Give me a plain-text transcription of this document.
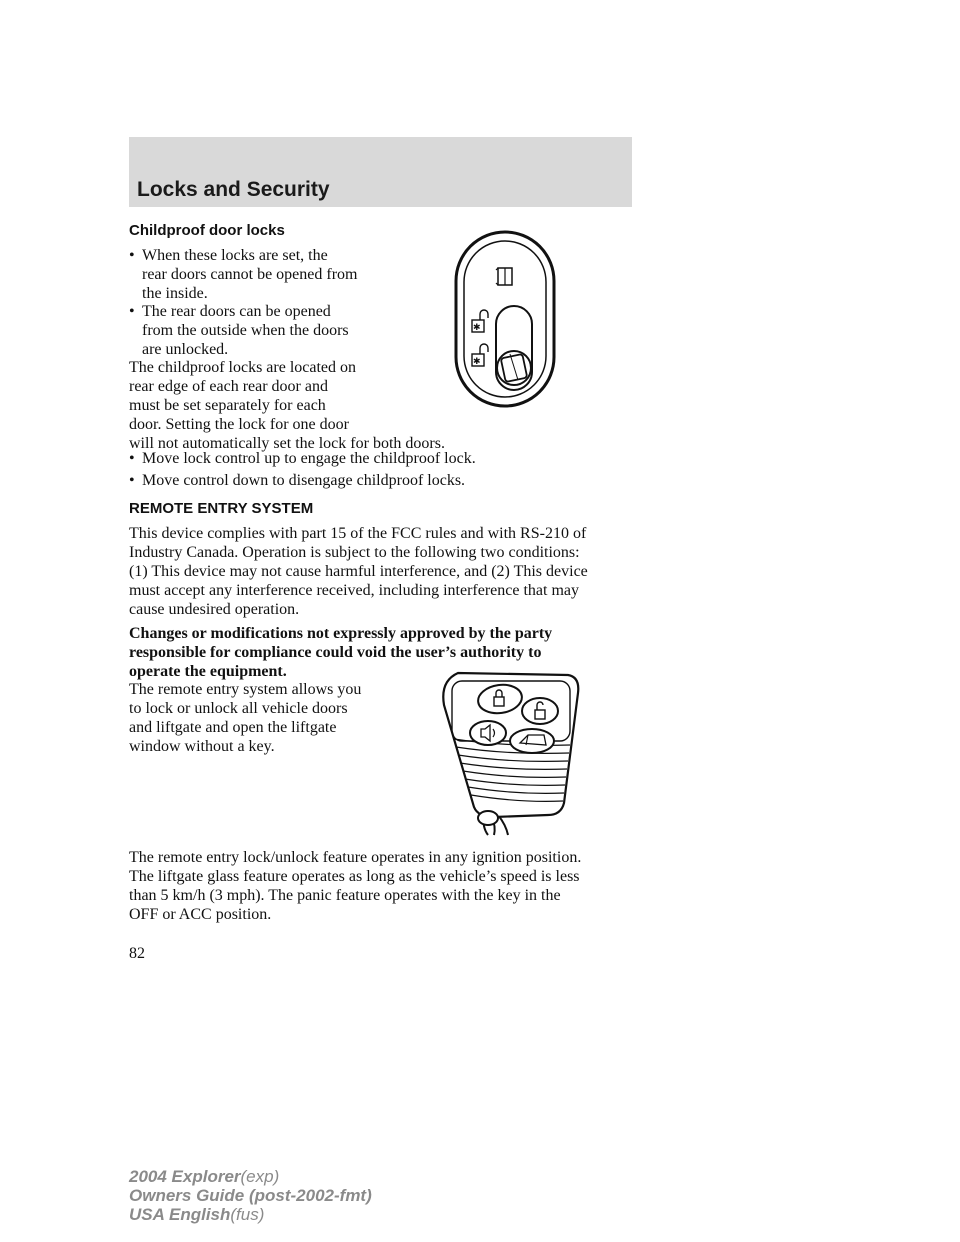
Locks and Security
Childproof door locks
• When these locks are set, the
rear doors cannot be opened from
the inside.
• The rear doors can be opened
from the outside when the doors
are unlocked.
The childproof locks are located on
rear edge of each rear door and
must be set separately for each
door. Setting the lock for one door
will not automatically set the lock for both doors.
• Move lock control up to engage the childproof lock.
• Move control down to disengage childproof locks.
✱
✱
REMOTE ENTRY SYSTEM
This device complies with part 15 of the FCC rules and with RS-210 of
Industry Canada. Operation is subject to the following two conditions:
(1) This device may not cause harmful interference, and (2) This device
must accept any interference received, including interference that may
cause undesired operation.
Changes or modifications not expressly approved by the party
responsible for compliance could void the user’s authority to
operate the equipment.
The remote entry system allows you
to lock or unlock all vehicle doors
and liftgate and open the liftgate
window without a key.
The remote entry lock/unlock feature operates in any ignition position.
The liftgate glass feature operates as long as the vehicle’s speed is less
than 5 km/h (3 mph). The panic feature operates with the key in the
OFF or ACC position.
82
2004 Explorer(exp)
Owners Guide (post-2002-fmt)
USA English(fus)
